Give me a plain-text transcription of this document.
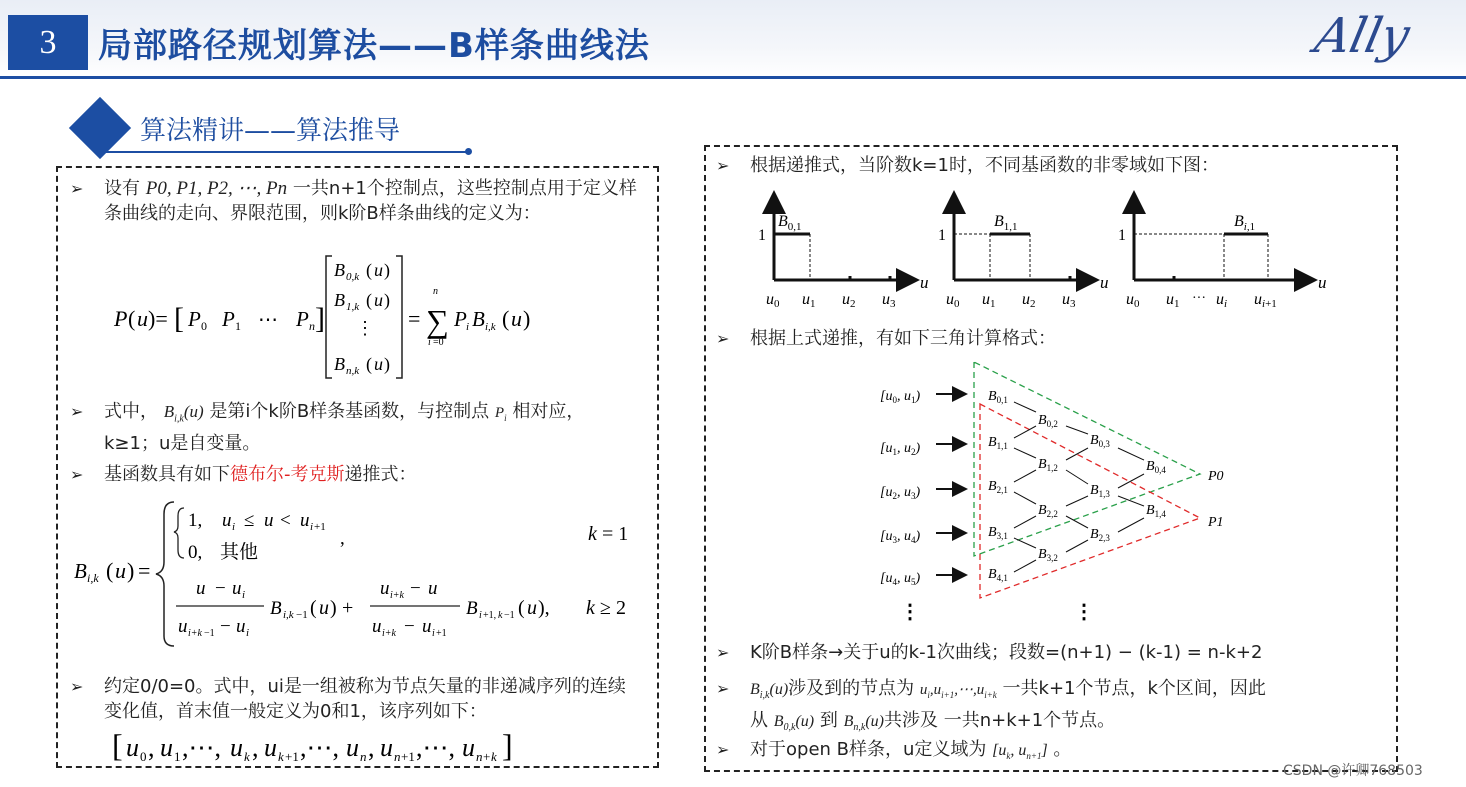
3	局部路径规划算法——B样条曲线法	Ally
算法精讲——算法推导
➢ 设有 P0, P1, P2, ⋯, Pn 一共n+1个控制点，这些控制点用于定义样条曲线的走向、界限范围，则k阶B样条曲线的定义为：
P ( u )= [ P 0 P 1 ⋯ P n ]
B 0,k ( u )
B 1,k ( u )
⋮
B n,k ( u )
=
n
∑
i =0
P i B i,k ( u )
➢ 式中， $B_{i,k}(u)$ 是第i个k阶B样条基函数，与控制点 $P_i$ 相对应， k≥1；u是自变量。
➢ 基函数具有如下德布尔-考克斯递推式：
B i,k ( u ) =
1, u i ≤ u < u i +1
0, 其他
,	k = 1
u − u i
u i+k −1 − u i
B i,k −1 ( u ) +
u i+k − u
u i+k − u i +1
B i +1, k −1 ( u ), k ≥ 2
➢ 约定0/0=0。式中，ui是一组被称为节点矢量的非递减序列的连续变化值，首末值一般定义为0和1，该序列如下：
[ u 0 , u 1 ,⋯, u k , u k +1 ,⋯, u n , u n +1 ,⋯, u n + k ]
➢ 根据递推式，当阶数k=1时，不同基函数的非零域如下图：
1
$B_{0,1}$
u
u0 u1 u2 u3
1
$B_{1,1}$
u
u0 u1 u2 u3
1
$B_{i,}1$
u
u0 u1 ··· ui ui+1
➢ 根据上式递推，有如下三角计算格式：
[$u_0$, $u_1$)
[$u_1$, $u_2$)
[$u_2$, $u_3$)
[$u_3$, $u_4$)
[$u_4$, $u_5$)
$B_{0,1}$
$B_{1,1}$
$B_{2,1}$
$B_{3,1}$
$B_{4,1}$
$B_{0,2}$
$B_{1,2}$
$B_{2,2}$
$B_{3,2}$
$B_{0,3}$
$B_{1,3}$
$B_{2,3}$
$B_{0,4}$
$B_{1,4}$
P0
P1
⋮	⋮
➢ K阶B样条→关于u的k-1次曲线；段数=(n+1) − (k-1) = n-k+2
➢ $B_{i,k}(u)$涉及到的节点为 $u_i,u_{i+1},\cdots,u_{i+k}$ 一共k+1个节点，k个区间，因此
从 $B_{0,k}(u)$ 到 $B_{n,k}(u)$共涉及 一共n+k+1个节点。
➢ 对于open B样条，u定义域为 [$u_k$, $u_{n+1}$] 。
CSDN @许卿768503
